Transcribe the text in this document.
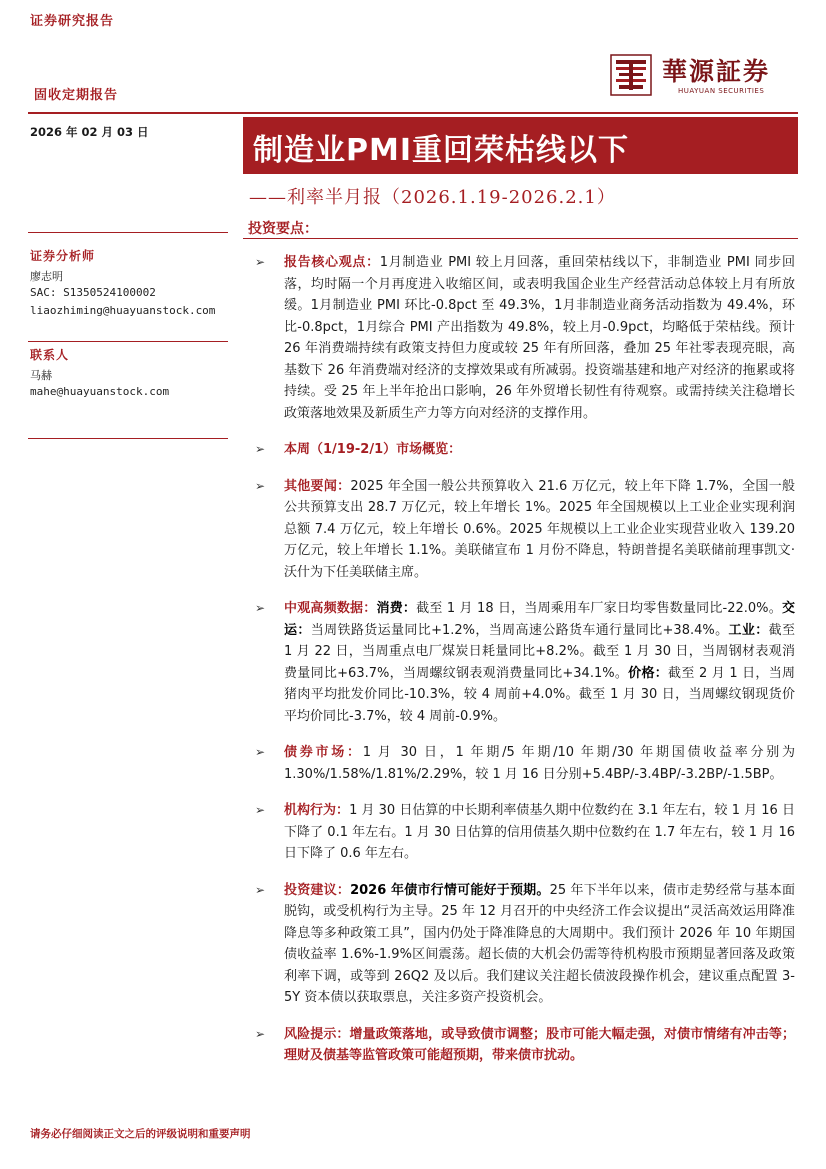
证券研究报告
華源証券
HUAYUAN SECURITIES
固收定期报告
2026 年 02 月 03 日
制造业PMI重回荣枯线以下
——利率半月报（2026.1.19-2026.2.1）
投资要点：
证券分析师
廖志明
SAC: S1350524100002
liaozhiming@huayuanstock.com
联系人
马赫
mahe@huayuanstock.com
➢ 报告核心观点：1月制造业 PMI 较上月回落，重回荣枯线以下，非制造业 PMI 同步回落，均时隔一个月再度进入收缩区间，或表明我国企业生产经营活动总体较上月有所放缓。1月制造业 PMI 环比-0.8pct 至 49.3%，1月非制造业商务活动指数为 49.4%，环比-0.8pct，1月综合 PMI 产出指数为 49.8%，较上月-0.9pct，均略低于荣枯线。预计 26 年消费端持续有政策支持但力度或较 25 年有所回落，叠加 25 年社零表现亮眼，高基数下 26 年消费端对经济的支撑效果或有所减弱。投资端基建和地产对经济的拖累或将持续。受 25 年上半年抢出口影响，26 年外贸增长韧性有待观察。或需持续关注稳增长政策落地效果及新质生产力等方向对经济的支撑作用。
➢ 本周（1/19-2/1）市场概览：
➢ 其他要闻：2025 年全国一般公共预算收入 21.6 万亿元，较上年下降 1.7%，全国一般公共预算支出 28.7 万亿元，较上年增长 1%。2025 年全国规模以上工业企业实现利润总额 7.4 万亿元，较上年增长 0.6%。2025 年规模以上工业企业实现营业收入 139.20 万亿元，较上年增长 1.1%。美联储宣布 1 月份不降息，特朗普提名美联储前理事凯文·沃什为下任美联储主席。
➢ 中观高频数据：消费：截至 1 月 18 日，当周乘用车厂家日均零售数量同比-22.0%。交运：当周铁路货运量同比+1.2%，当周高速公路货车通行量同比+38.4%。工业：截至 1 月 22 日，当周重点电厂煤炭日耗量同比+8.2%。截至 1 月 30 日，当周钢材表观消费量同比+63.7%，当周螺纹钢表观消费量同比+34.1%。价格：截至 2 月 1 日，当周猪肉平均批发价同比-10.3%，较 4 周前+4.0%。截至 1 月 30 日，当周螺纹钢现货价平均价同比-3.7%，较 4 周前-0.9%。
➢ 债券市场：1 月 30 日，1 年期/5 年期/10 年期/30 年期国债收益率分别为 1.30%/1.58%/1.81%/2.29%，较 1 月 16 日分别+5.4BP/-3.4BP/-3.2BP/-1.5BP。
➢ 机构行为：1 月 30 日估算的中长期利率债基久期中位数约在 3.1 年左右，较 1 月 16 日下降了 0.1 年左右。1 月 30 日估算的信用债基久期中位数约在 1.7 年左右，较 1 月 16 日下降了 0.6 年左右。
➢ 投资建议：2026 年债市行情可能好于预期。25 年下半年以来，债市走势经常与基本面脱钩，或受机构行为主导。25 年 12 月召开的中央经济工作会议提出“灵活高效运用降准降息等多种政策工具”，国内仍处于降准降息的大周期中。我们预计 2026 年 10 年期国债收益率 1.6%-1.9%区间震荡。超长债的大机会仍需等待机构股市预期显著回落及政策利率下调，或等到 26Q2 及以后。我们建议关注超长债波段操作机会，建议重点配置 3-5Y 资本债以获取票息，关注多资产投资机会。
➢ 风险提示：增量政策落地，或导致债市调整；股市可能大幅走强，对债市情绪有冲击等；理财及债基等监管政策可能超预期，带来债市扰动。
请务必仔细阅读正文之后的评级说明和重要声明
